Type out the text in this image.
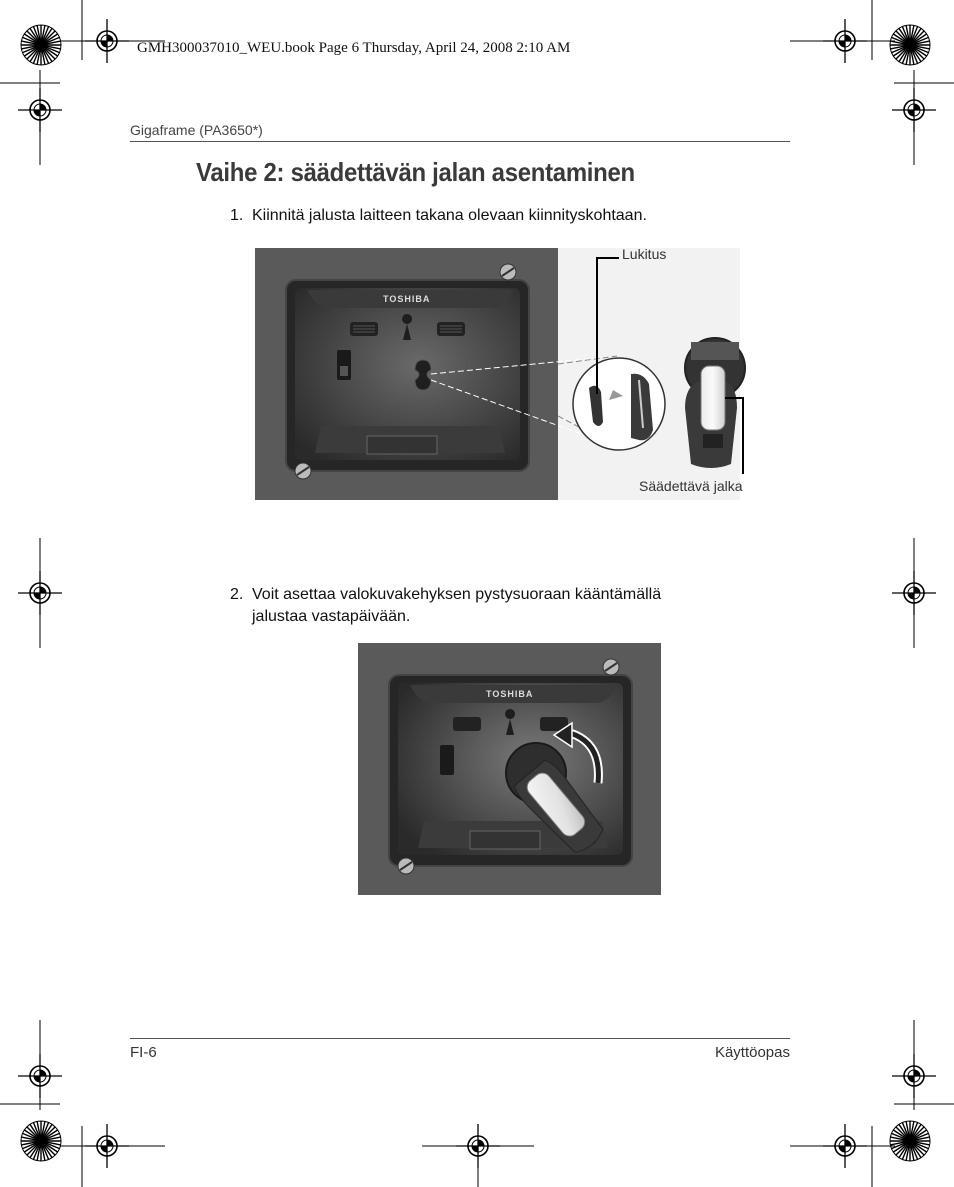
GMH300037010_WEU.book Page 6 Thursday, April 24, 2008 2:10 AM
Gigaframe (PA3650*)
Vaihe 2: säädettävän jalan asentaminen
1. Kiinnitä jalusta laitteen takana olevaan kiinnityskohtaan.
TOSHIBA
Lukitus
Säädettävä jalka
2. Voit asettaa valokuvakehyksen pystysuoraan kääntämällä
jalustaa vastapäivään.
TOSHIBA
FI-6	Käyttöopas
